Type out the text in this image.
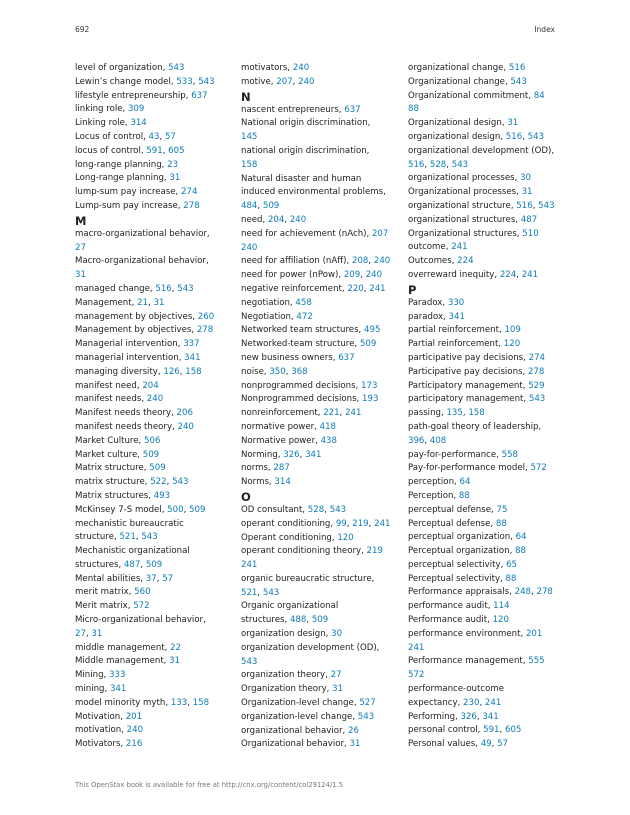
692	Index
level of organization, 543
Lewin’s change model, 533, 543
lifestyle entrepreneurship, 637
linking role, 309
Linking role, 314
Locus of control, 43, 57
locus of control, 591, 605
long-range planning, 23
Long-range planning, 31
lump-sum pay increase, 274
Lump-sum pay increase, 278
M
macro-organizational behavior,
27
Macro-organizational behavior,
31
managed change, 516, 543
Management, 21, 31
management by objectives, 260
Management by objectives, 278
Managerial intervention, 337
managerial intervention, 341
managing diversity, 126, 158
manifest need, 204
manifest needs, 240
Manifest needs theory, 206
manifest needs theory, 240
Market Culture, 506
Market culture, 509
Matrix structure, 509
matrix structure, 522, 543
Matrix structures, 493
McKinsey 7-S model, 500, 509
mechanistic bureaucratic
structure, 521, 543
Mechanistic organizational
structures, 487, 509
Mental abilities, 37, 57
merit matrix, 560
Merit matrix, 572
Micro-organizational behavior,
27, 31
middle management, 22
Middle management, 31
Mining, 333
mining, 341
model minority myth, 133, 158
Motivation, 201
motivation, 240
Motivators, 216
motivators, 240
motive, 207, 240
N
nascent entrepreneurs, 637
National origin discrimination,
145
national origin discrimination,
158
Natural disaster and human
induced environmental problems,
484, 509
need, 204, 240
need for achievement (nAch), 207
240
need for affiliation (nAff), 208, 240
need for power (nPow), 209, 240
negative reinforcement, 220, 241
negotiation, 458
Negotiation, 472
Networked team structures, 495
Networked-team structure, 509
new business owners, 637
noise, 350, 368
nonprogrammed decisions, 173
Nonprogrammed decisions, 193
nonreinforcement, 221, 241
normative power, 418
Normative power, 438
Norming, 326, 341
norms, 287
Norms, 314
O
OD consultant, 528, 543
operant conditioning, 99, 219, 241
Operant conditioning, 120
operant conditioning theory, 219
241
organic bureaucratic structure,
521, 543
Organic organizational
structures, 488, 509
organization design, 30
organization development (OD),
543
organization theory, 27
Organization theory, 31
Organization-level change, 527
organization-level change, 543
organizational behavior, 26
Organizational behavior, 31
organizational change, 516
Organizational change, 543
Organizational commitment, 84
88
Organizational design, 31
organizational design, 516, 543
organizational development (OD),
516, 528, 543
organizational processes, 30
Organizational processes, 31
organizational structure, 516, 543
organizational structures, 487
Organizational structures, 510
outcome, 241
Outcomes, 224
overreward inequity, 224, 241
P
Paradox, 330
paradox, 341
partial reinforcement, 109
Partial reinforcement, 120
participative pay decisions, 274
Participative pay decisions, 278
Participatory management, 529
participatory management, 543
passing, 135, 158
path-goal theory of leadership,
396, 408
pay-for-performance, 558
Pay-for-performance model, 572
perception, 64
Perception, 88
perceptual defense, 75
Perceptual defense, 88
perceptual organization, 64
Perceptual organization, 88
perceptual selectivity, 65
Perceptual selectivity, 88
Performance appraisals, 248, 278
performance audit, 114
Performance audit, 120
performance environment, 201
241
Performance management, 555
572
performance-outcome
expectancy, 230, 241
Performing, 326, 341
personal control, 591, 605
Personal values, 49, 57
This OpenStax book is available for free at http://cnx.org/content/col29124/1.5
